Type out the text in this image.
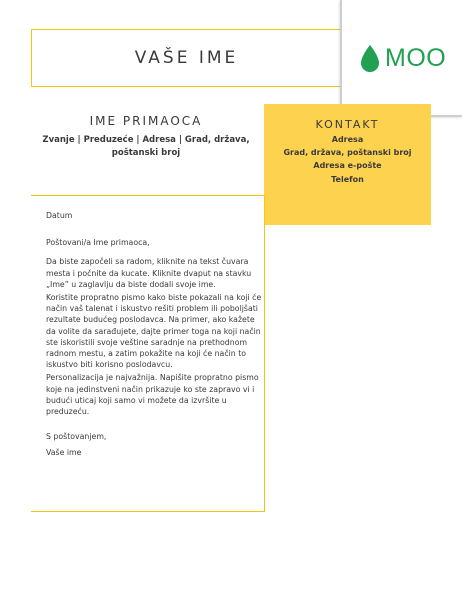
VAŠE IME	MOO
KONTAKT
Adresa
Grad, država, poštanski broj
Adresa e-pošte
Telefon
IME PRIMAOCA
Zvanje | Preduzeće | Adresa | Grad, država,
poštanski broj

Datum

Poštovani/a Ime primaoca,

Da biste započeli sa radom, kliknite na tekst čuvara mesta i počnite da kucate. Kliknite dvaput na stavku „Ime” u zaglavlju da biste dodali svoje ime.

Koristite propratno pismo kako biste pokazali na koji će način vaš talenat i iskustvo rešiti problem ili poboljšati rezultate budućeg poslodavca. Na primer, ako kažete da volite da sarađujete, dajte primer toga na koji način ste iskoristili svoje veštine saradnje na prethodnom radnom mestu, a zatim pokažite na koji će način to iskustvo biti korisno poslodavcu.

Personalizacija je najvažnija. Napišite propratno pismo koje na jedinstveni način prikazuje ko ste zapravo vi i budući uticaj koji samo vi možete da izvršite u preduzeću.

S poštovanjem,

Vaše ime
